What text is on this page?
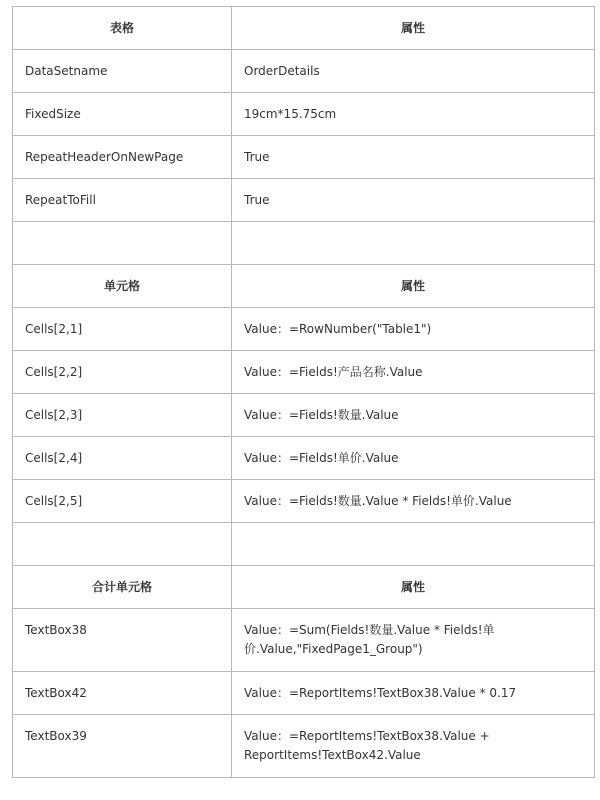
表格	属性
DataSetname	OrderDetails
FixedSize	19cm*15.75cm
RepeatHeaderOnNewPage	True
RepeatToFill	True

单元格	属性
Cells[2,1]	Value：=RowNumber("Table1")
Cells[2,2]	Value：=Fields!产品名称.Value
Cells[2,3]	Value：=Fields!数量.Value
Cells[2,4]	Value：=Fields!单价.Value
Cells[2,5]	Value：=Fields!数量.Value * Fields!单价.Value

合计单元格	属性
TextBox38	Value：=Sum(Fields!数量.Value * Fields!单价.Value,"FixedPage1_Group")
TextBox42	Value：=ReportItems!TextBox38.Value * 0.17
TextBox39	Value：=ReportItems!TextBox38.Value + ReportItems!TextBox42.Value
